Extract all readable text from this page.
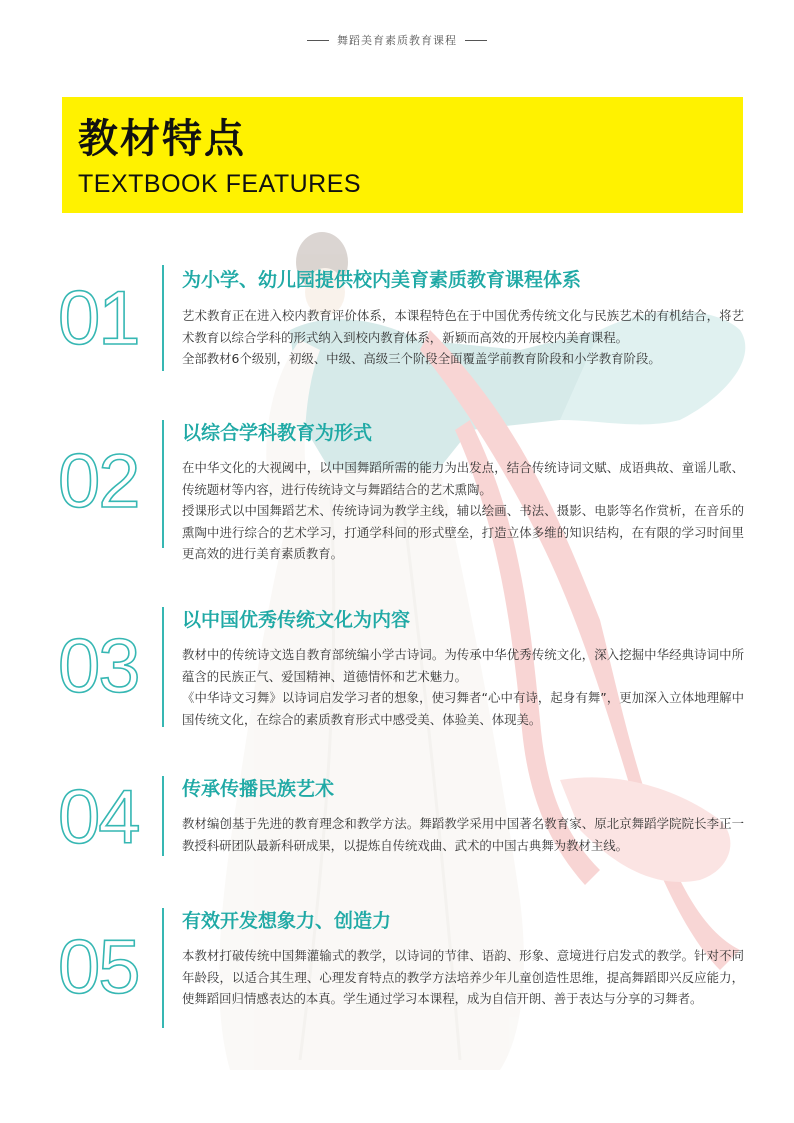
舞蹈美育素质教育课程
教材特点
TEXTBOOK FEATURES
01	为小学、幼儿园提供校内美育素质教育课程体系

艺术教育正在进入校内教育评价体系，本课程特色在于中国优秀传统文化与民族艺术的有机结合，将艺术教育以综合学科的形式纳入到校内教育体系，新颖而高效的开展校内美育课程。

全部教材6个级别，初级、中级、高级三个阶段全面覆盖学前教育阶段和小学教育阶段。

02
以综合学科教育为形式

在中华文化的大视阈中，以中国舞蹈所需的能力为出发点，结合传统诗词文赋、成语典故、童谣儿歌、传统题材等内容，进行传统诗文与舞蹈结合的艺术熏陶。

授课形式以中国舞蹈艺术、传统诗词为教学主线，辅以绘画、书法、摄影、电影等名作赏析，在音乐的熏陶中进行综合的艺术学习，打通学科间的形式壁垒，打造立体多维的知识结构，在有限的学习时间里更高效的进行美育素质教育。

03
以中国优秀传统文化为内容

教材中的传统诗文选自教育部统编小学古诗词。为传承中华优秀传统文化，深入挖掘中华经典诗词中所蕴含的民族正气、爱国精神、道德情怀和艺术魅力。

《中华诗文习舞》以诗词启发学习者的想象，使习舞者“心中有诗，起身有舞”，更加深入立体地理解中国传统文化，在综合的素质教育形式中感受美、体验美、体现美。

04	传承传播民族艺术

教材编创基于先进的教育理念和教学方法。舞蹈教学采用中国著名教育家、原北京舞蹈学院院长李正一教授科研团队最新科研成果，以提炼自传统戏曲、武术的中国古典舞为教材主线。

05
有效开发想象力、创造力

本教材打破传统中国舞灌输式的教学，以诗词的节律、语韵、形象、意境进行启发式的教学。针对不同年龄段，以适合其生理、心理发育特点的教学方法培养少年儿童创造性思维，提高舞蹈即兴反应能力，使舞蹈回归情感表达的本真。学生通过学习本课程，成为自信开朗、善于表达与分享的习舞者。
